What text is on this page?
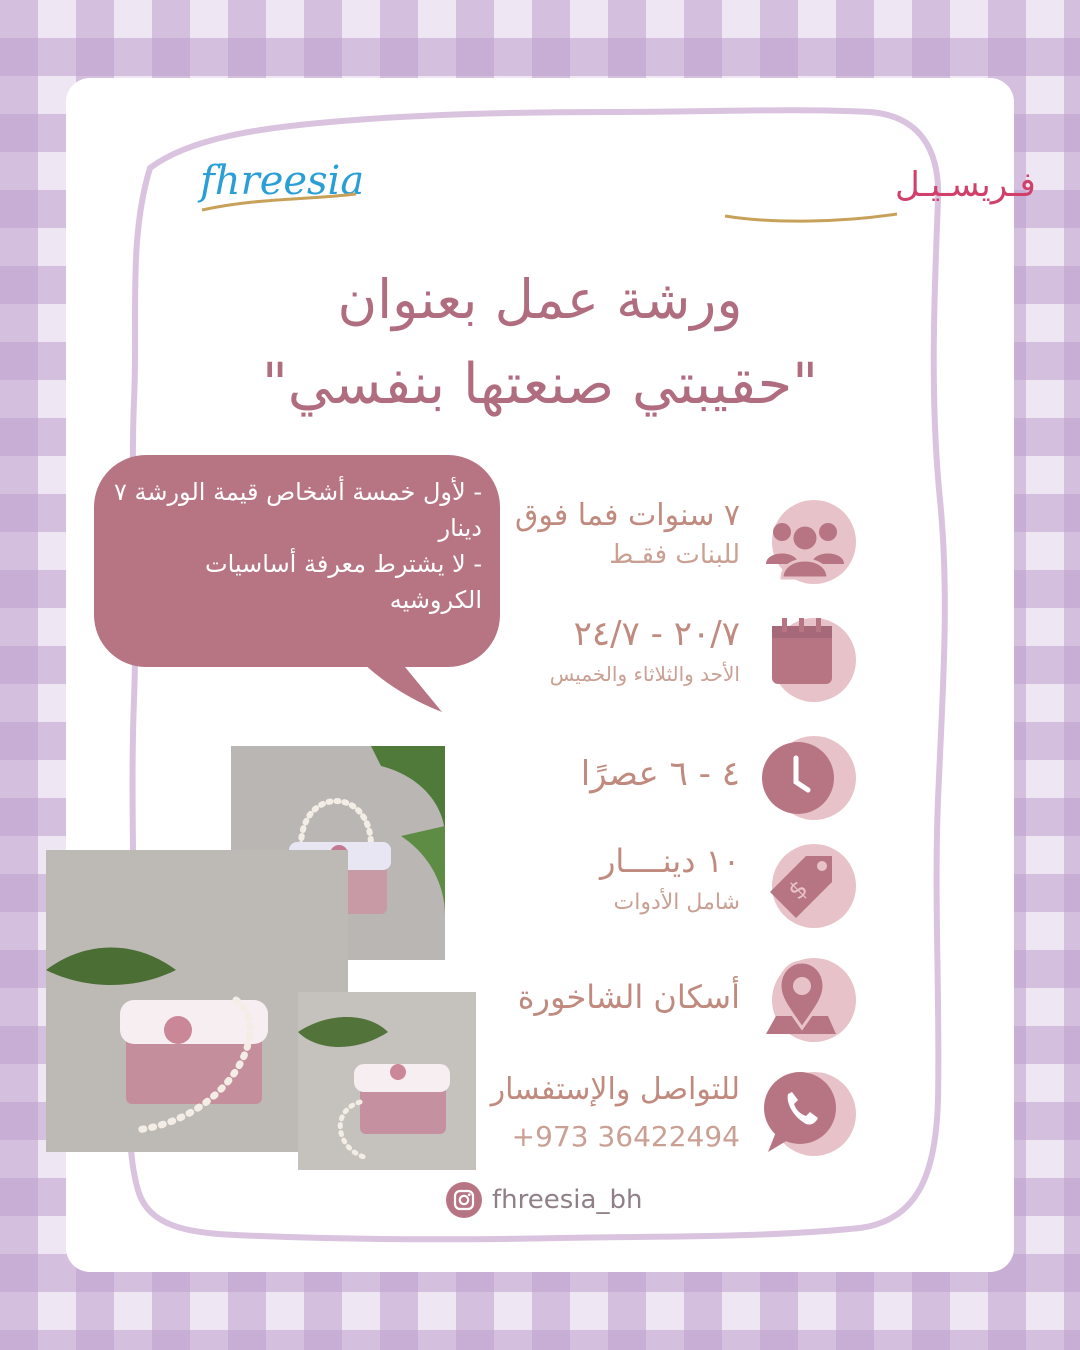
fhreesia	فـريسـيـل
ورشة عمل بعنوان
"حقيبتي صنعتها بنفسي"

- لأول خمسة أشخاص قيمة الورشة ٧ دينار

- لا يشترط معرفة أساسيات الكروشيه

$
٧ سنوات فما فوق
للبنات فقـط
٢٠/٧ - ٢٤/٧
الأحد والثلاثاء والخميس
٤ - ٦ عصرًا
١٠ دينــــار
شامل الأدوات
أسكان الشاخورة
للتواصل والإستفسار
+973 36422494
fhreesia_bh
